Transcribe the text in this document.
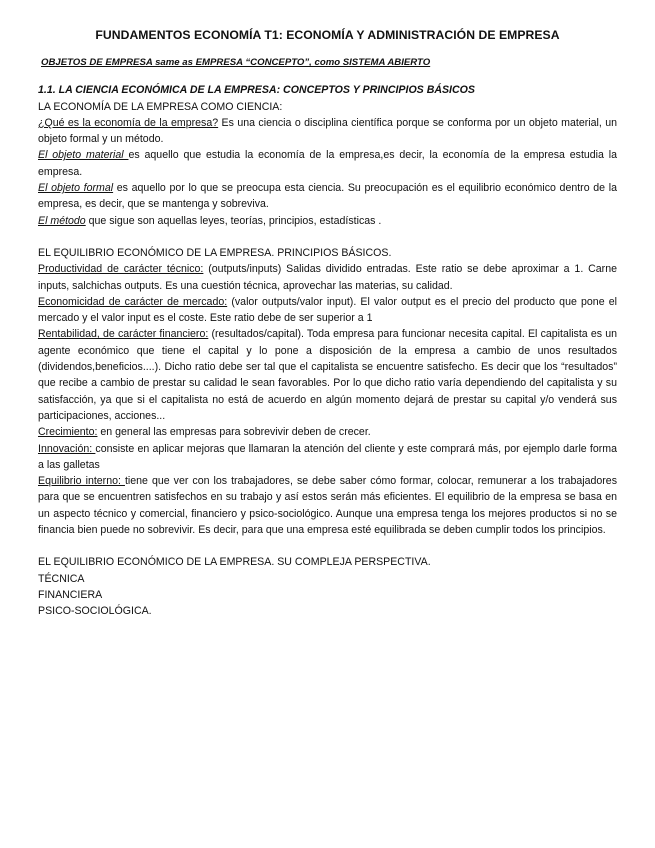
FUNDAMENTOS ECONOMÍA T1: ECONOMÍA Y ADMINISTRACIÓN DE EMPRESA
OBJETOS DE EMPRESA same as EMPRESA “CONCEPTO”, como SISTEMA ABIERTO
1.1. LA CIENCIA ECONÓMICA DE LA EMPRESA: CONCEPTOS Y PRINCIPIOS BÁSICOS
LA ECONOMÍA DE LA EMPRESA COMO CIENCIA:

¿Qué es la economía de la empresa? Es una ciencia o disciplina científica porque se conforma por un objeto material, un objeto formal y un método.

El objeto material es aquello que estudia la economía de la empresa,es decir, la economía de la empresa estudia la empresa.

El objeto formal es aquello por lo que se preocupa esta ciencia. Su preocupación es el equilibrio económico dentro de la empresa, es decir, que se mantenga y sobreviva.

El método que sigue son aquellas leyes, teorías, principios, estadísticas .

EL EQUILIBRIO ECONÓMICO DE LA EMPRESA. PRINCIPIOS BÁSICOS.

Productividad de carácter técnico: (outputs/inputs) Salidas dividido entradas. Este ratio se debe aproximar a 1. Carne inputs, salchichas outputs. Es una cuestión técnica, aprovechar las materias, su calidad.

Economicidad de carácter de mercado: (valor outputs/valor input). El valor output es el precio del producto que pone el mercado y el valor input es el coste. Este ratio debe de ser superior a 1

Rentabilidad, de carácter financiero: (resultados/capital). Toda empresa para funcionar necesita capital. El capitalista es un agente económico que tiene el capital y lo pone a disposición de la empresa a cambio de unos resultados (dividendos,beneficios....). Dicho ratio debe ser tal que el capitalista se encuentre satisfecho. Es decir que los “resultados” que recibe a cambio de prestar su calidad le sean favorables. Por lo que dicho ratio varía dependiendo del capitalista y su satisfacción, ya que si el capitalista no está de acuerdo en algún momento dejará de prestar su capital y/o venderá sus participaciones, acciones...

Crecimiento: en general las empresas para sobrevivir deben de crecer.

Innovación: consiste en aplicar mejoras que llamaran la atención del cliente y este comprará más, por ejemplo darle forma a las galletas

Equilibrio interno: tiene que ver con los trabajadores, se debe saber cómo formar, colocar, remunerar a los trabajadores para que se encuentren satisfechos en su trabajo y así estos serán más eficientes. El equilibrio de la empresa se basa en un aspecto técnico y comercial, financiero y psico-sociológico. Aunque una empresa tenga los mejores productos si no se financia bien puede no sobrevivir. Es decir, para que una empresa esté equilibrada se deben cumplir todos los principios.

EL EQUILIBRIO ECONÓMICO DE LA EMPRESA. SU COMPLEJA PERSPECTIVA.
TÉCNICA
FINANCIERA
PSICO-SOCIOLÓGICA.
